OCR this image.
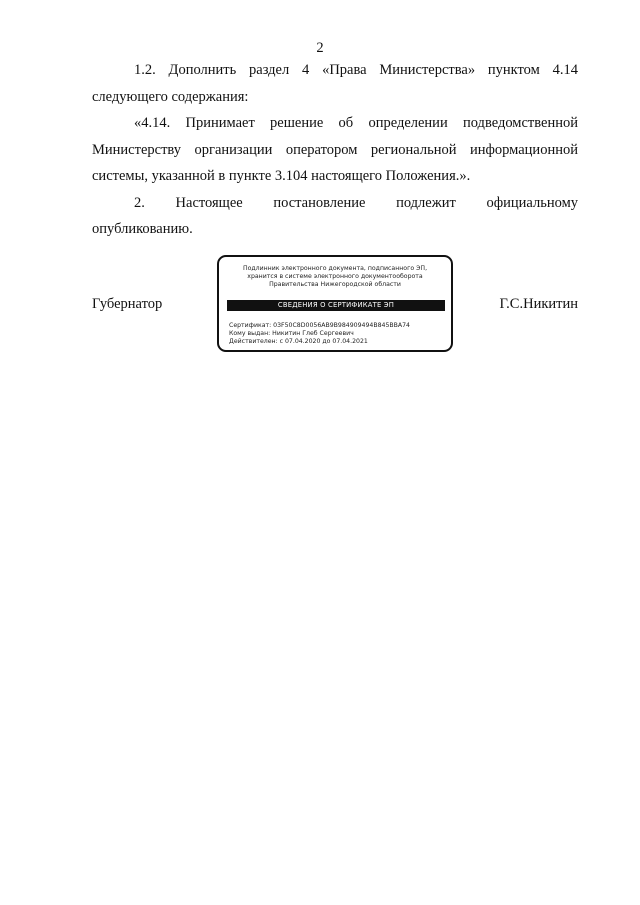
2
1.2. Дополнить раздел 4 «Права Министерства» пунктом 4.14
следующего содержания:
«4.14. Принимает решение об определении подведомственной
Министерству организации оператором региональной информационной
системы, указанной в пункте 3.104 настоящего Положения.».
2. Настоящее постановление подлежит официальному
опубликованию.
Губернатор
Подлинник электронного документа, подписанного ЭП,
хранится в системе электронного документооборота
Правительства Нижегородской области
СВЕДЕНИЯ О СЕРТИФИКАТЕ ЭП
Сертификат: 03F50C8D0056AB9B984909494B845BBA74
Кому выдан: Никитин Глеб Сергеевич
Действителен: с 07.04.2020 до 07.04.2021
Г.С.Никитин
